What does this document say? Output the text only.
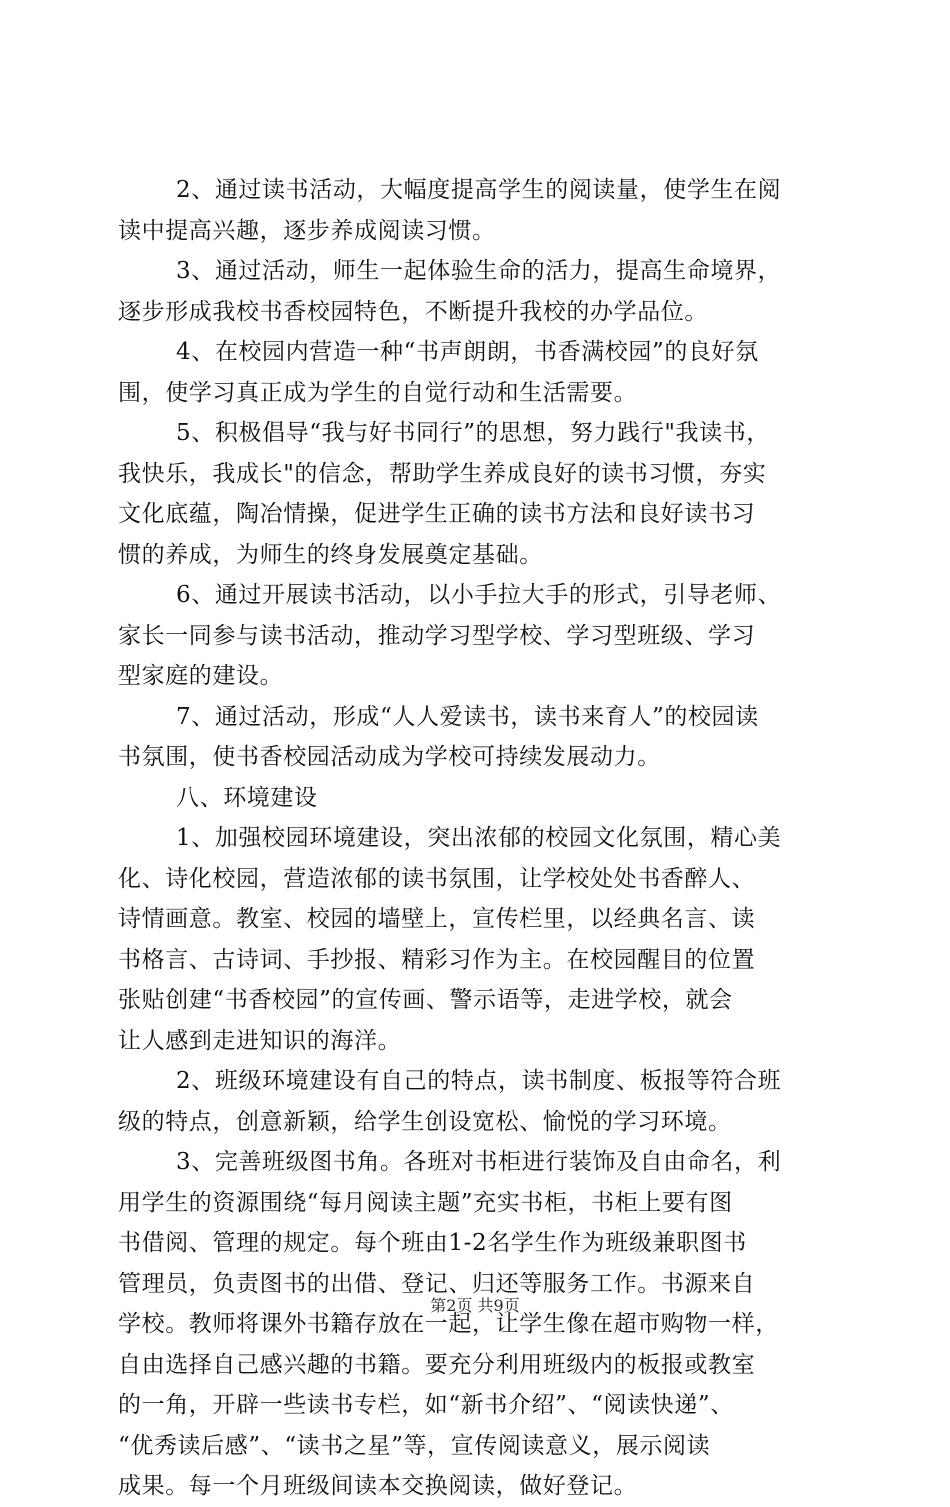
2、通过读书活动，大幅度提高学生的阅读量，使学生在阅
读中提高兴趣，逐步养成阅读习惯。
3、通过活动，师生一起体验生命的活力，提高生命境界，
逐步形成我校书香校园特色，不断提升我校的办学品位。
4、在校园内营造一种“书声朗朗，书香满校园”的良好氛
围，使学习真正成为学生的自觉行动和生活需要。
5、积极倡导“我与好书同行”的思想，努力践行"我读书，
我快乐，我成长"的信念，帮助学生养成良好的读书习惯，夯实
文化底蕴，陶冶情操，促进学生正确的读书方法和良好读书习
惯的养成，为师生的终身发展奠定基础。
6、通过开展读书活动，以小手拉大手的形式，引导老师、
家长一同参与读书活动，推动学习型学校、学习型班级、学习
型家庭的建设。
7、通过活动，形成“人人爱读书，读书来育人”的校园读
书氛围，使书香校园活动成为学校可持续发展动力。
八、环境建设
1、加强校园环境建设，突出浓郁的校园文化氛围，精心美
化、诗化校园，营造浓郁的读书氛围，让学校处处书香醉人、
诗情画意。教室、校园的墙壁上，宣传栏里，以经典名言、读
书格言、古诗词、手抄报、精彩习作为主。在校园醒目的位置
张贴创建“书香校园”的宣传画、警示语等，走进学校，就会
让人感到走进知识的海洋。
2、班级环境建设有自己的特点，读书制度、板报等符合班
级的特点，创意新颖，给学生创设宽松、愉悦的学习环境。
3、完善班级图书角。各班对书柜进行装饰及自由命名，利
用学生的资源围绕“每月阅读主题”充实书柜，书柜上要有图
书借阅、管理的规定。每个班由1-2名学生作为班级兼职图书
管理员，负责图书的出借、登记、归还等服务工作。书源来自
学校。教师将课外书籍存放在一起，让学生像在超市购物一样，
自由选择自己感兴趣的书籍。要充分利用班级内的板报或教室
的一角，开辟一些读书专栏，如“新书介绍”、“阅读快递”、
“优秀读后感”、“读书之星”等，宣传阅读意义，展示阅读
成果。每一个月班级间读本交换阅读，做好登记。
第2页 共9页
